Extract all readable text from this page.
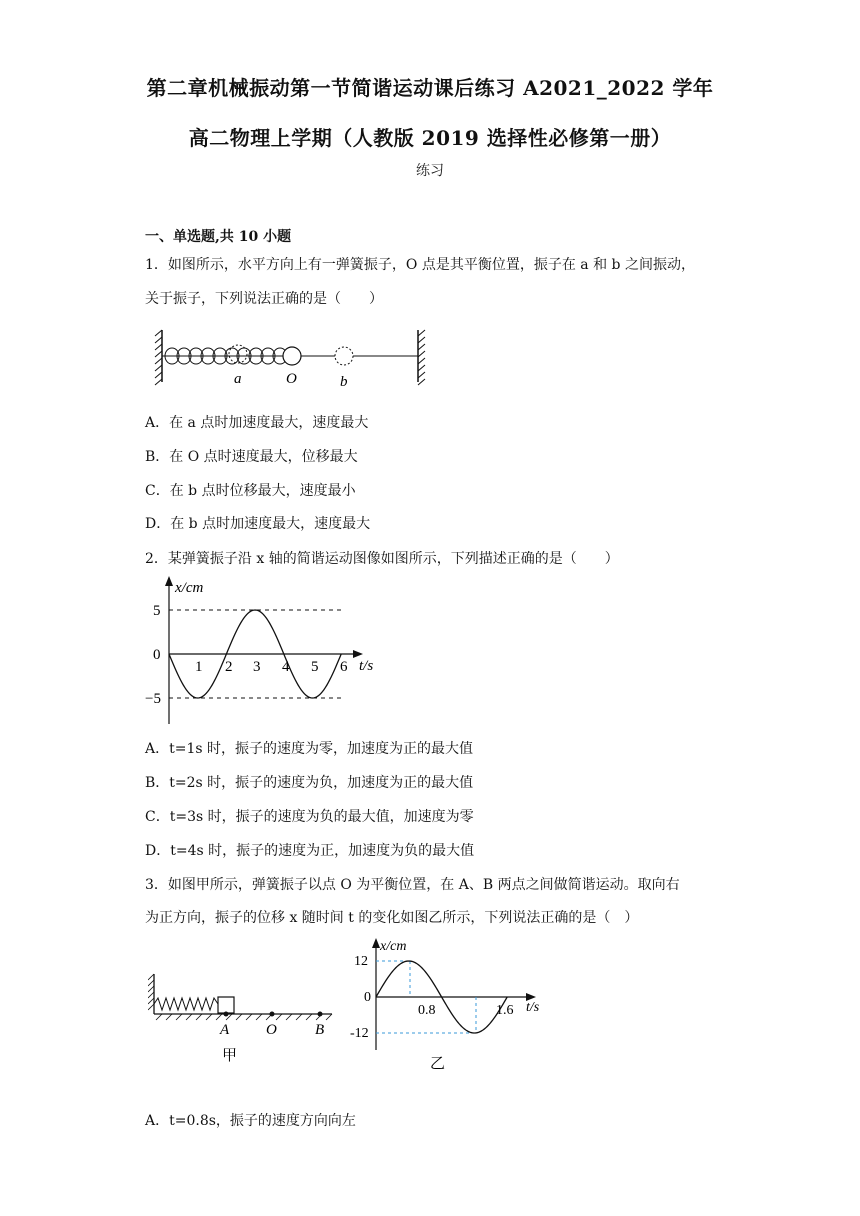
第二章机械振动第一节简谐运动课后练习 A2021_2022 学年
高二物理上学期（人教版 2019 选择性必修第一册）
练习
一、单选题,共 10 小题
1．如图所示，水平方向上有一弹簧振子，O 点是其平衡位置，振子在 a 和 b 之间振动，
关于振子，下列说法正确的是（　　）
a	O	b
A．在 a 点时加速度最大，速度最大
B．在 O 点时速度最大，位移最大
C．在 b 点时位移最大，速度最小
D．在 b 点时加速度最大，速度最大
2．某弹簧振子沿 x 轴的简谐运动图像如图所示，下列描述正确的是（　　）
x/cm
t/s
5
0
−5
1 2 3 4 5 6
A．t=1s 时，振子的速度为零，加速度为正的最大值
B．t=2s 时，振子的速度为负，加速度为正的最大值
C．t=3s 时，振子的速度为负的最大值，加速度为零
D．t=4s 时，振子的速度为正，加速度为负的最大值
3．如图甲所示，弹簧振子以点 O 为平衡位置，在 A、B 两点之间做简谐运动。取向右
为正方向，振子的位移 x 随时间 t 的变化如图乙所示，下列说法正确的是（　）
A O	B
甲
x/cm
t/s
12
0
-12
0.8	1.6
乙
A．t=0.8s，振子的速度方向向左
